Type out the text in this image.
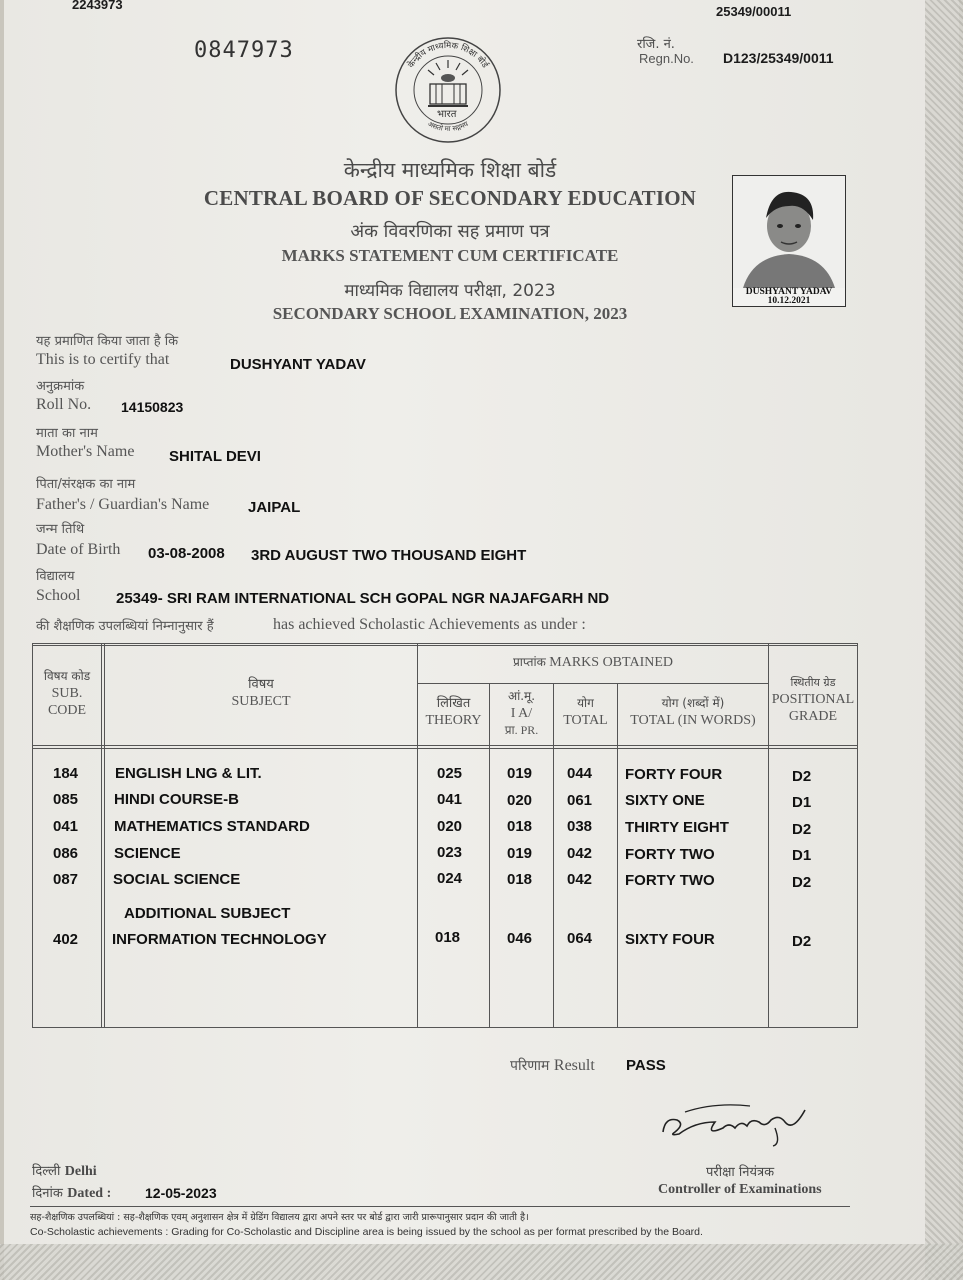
2243973	25349/00011
0847973	रजि. नं.
Regn.No. D123/25349/0011
केन्द्रीय माध्यमिक शिक्षा बोर्ड
असतो मा सद्गमय
भारत
केन्द्रीय माध्यमिक शिक्षा बोर्ड
CENTRAL BOARD OF SECONDARY EDUCATION
अंक विवरणिका सह प्रमाण पत्र
MARKS STATEMENT CUM CERTIFICATE
माध्यमिक विद्यालय परीक्षा, 2023
SECONDARY SCHOOL EXAMINATION, 2023
DUSHYANT YADAV
10.12.2021
यह प्रमाणित किया जाता है कि
This is to certify that	DUSHYANT YADAV
अनुक्रमांक
Roll No. 14150823
माता का नाम
Mother's Name SHITAL DEVI
पिता/संरक्षक का नाम
Father's / Guardian's Name	JAIPAL
जन्म तिथि
Date of Birth 03-08-2008 3RD AUGUST TWO THOUSAND EIGHT
विद्यालय
School 25349- SRI RAM INTERNATIONAL SCH GOPAL NGR NAJAFGARH ND
की शैक्षणिक उपलब्धियां निम्नानुसार हैं	has achieved Scholastic Achievements as under :
विषय कोड
SUB. CODE
विषय
SUBJECT
प्राप्तांक MARKS OBTAINED
लिखित
THEORY
आं.मू.
I A/
प्रा. PR.
योग
TOTAL
योग (शब्दों में)
TOTAL (IN WORDS)
स्थितीय ग्रेड
POSITIONAL
GRADE
184 ENGLISH LNG & LIT.	025	019 044 FORTY FOUR	D2
085 HINDI COURSE-B	041	020 061 SIXTY ONE	D1
041 MATHEMATICS STANDARD	020	018 038 THIRTY EIGHT	D2
086 SCIENCE	023	019 042 FORTY TWO	D1
087 SOCIAL SCIENCE	024	018 042 FORTY TWO	D2
ADDITIONAL SUBJECT
402 INFORMATION TECHNOLOGY	018	046 064 SIXTY FOUR	D2
परिणाम Result PASS
दिल्ली Delhi
दिनांक Dated : 12-05-2023
परीक्षा नियंत्रक
Controller of Examinations
सह-शैक्षणिक उपलब्धियां : सह-शैक्षणिक एवम् अनुशासन क्षेत्र में ग्रेडिंग विद्यालय द्वारा अपने स्तर पर बोर्ड द्वारा जारी प्रारूपानुसार प्रदान की जाती है।
Co-Scholastic achievements : Grading for Co-Scholastic and Discipline area is being issued by the school as per format prescribed by the Board.
